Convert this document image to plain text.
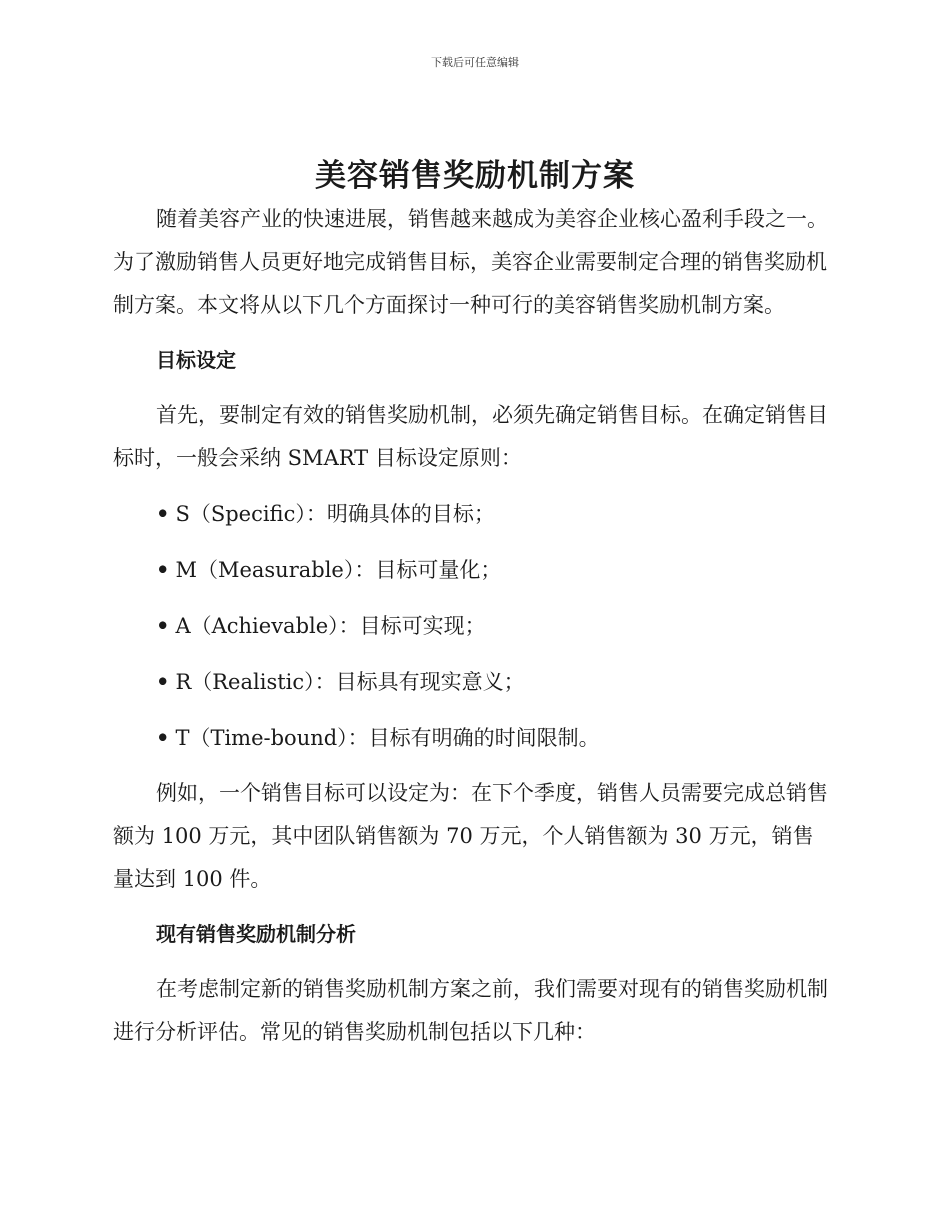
下载后可任意编辑
美容销售奖励机制方案

随着美容产业的快速进展，销售越来越成为美容企业核心盈利手段之一。为了激励销售人员更好地完成销售目标，美容企业需要制定合理的销售奖励机制方案。本文将从以下几个方面探讨一种可行的美容销售奖励机制方案。

目标设定

首先，要制定有效的销售奖励机制，必须先确定销售目标。在确定销售目标时，一般会采纳 SMART 目标设定原则：

• S（Specific）：明确具体的目标；
• M（Measurable）：目标可量化；
• A（Achievable）：目标可实现；
• R（Realistic）：目标具有现实意义；
• T（Time-bound）：目标有明确的时间限制。

例如，一个销售目标可以设定为：在下个季度，销售人员需要完成总销售额为 100 万元，其中团队销售额为 70 万元，个人销售额为 30 万元，销售量达到 100 件。

现有销售奖励机制分析

在考虑制定新的销售奖励机制方案之前，我们需要对现有的销售奖励机制进行分析评估。常见的销售奖励机制包括以下几种：
